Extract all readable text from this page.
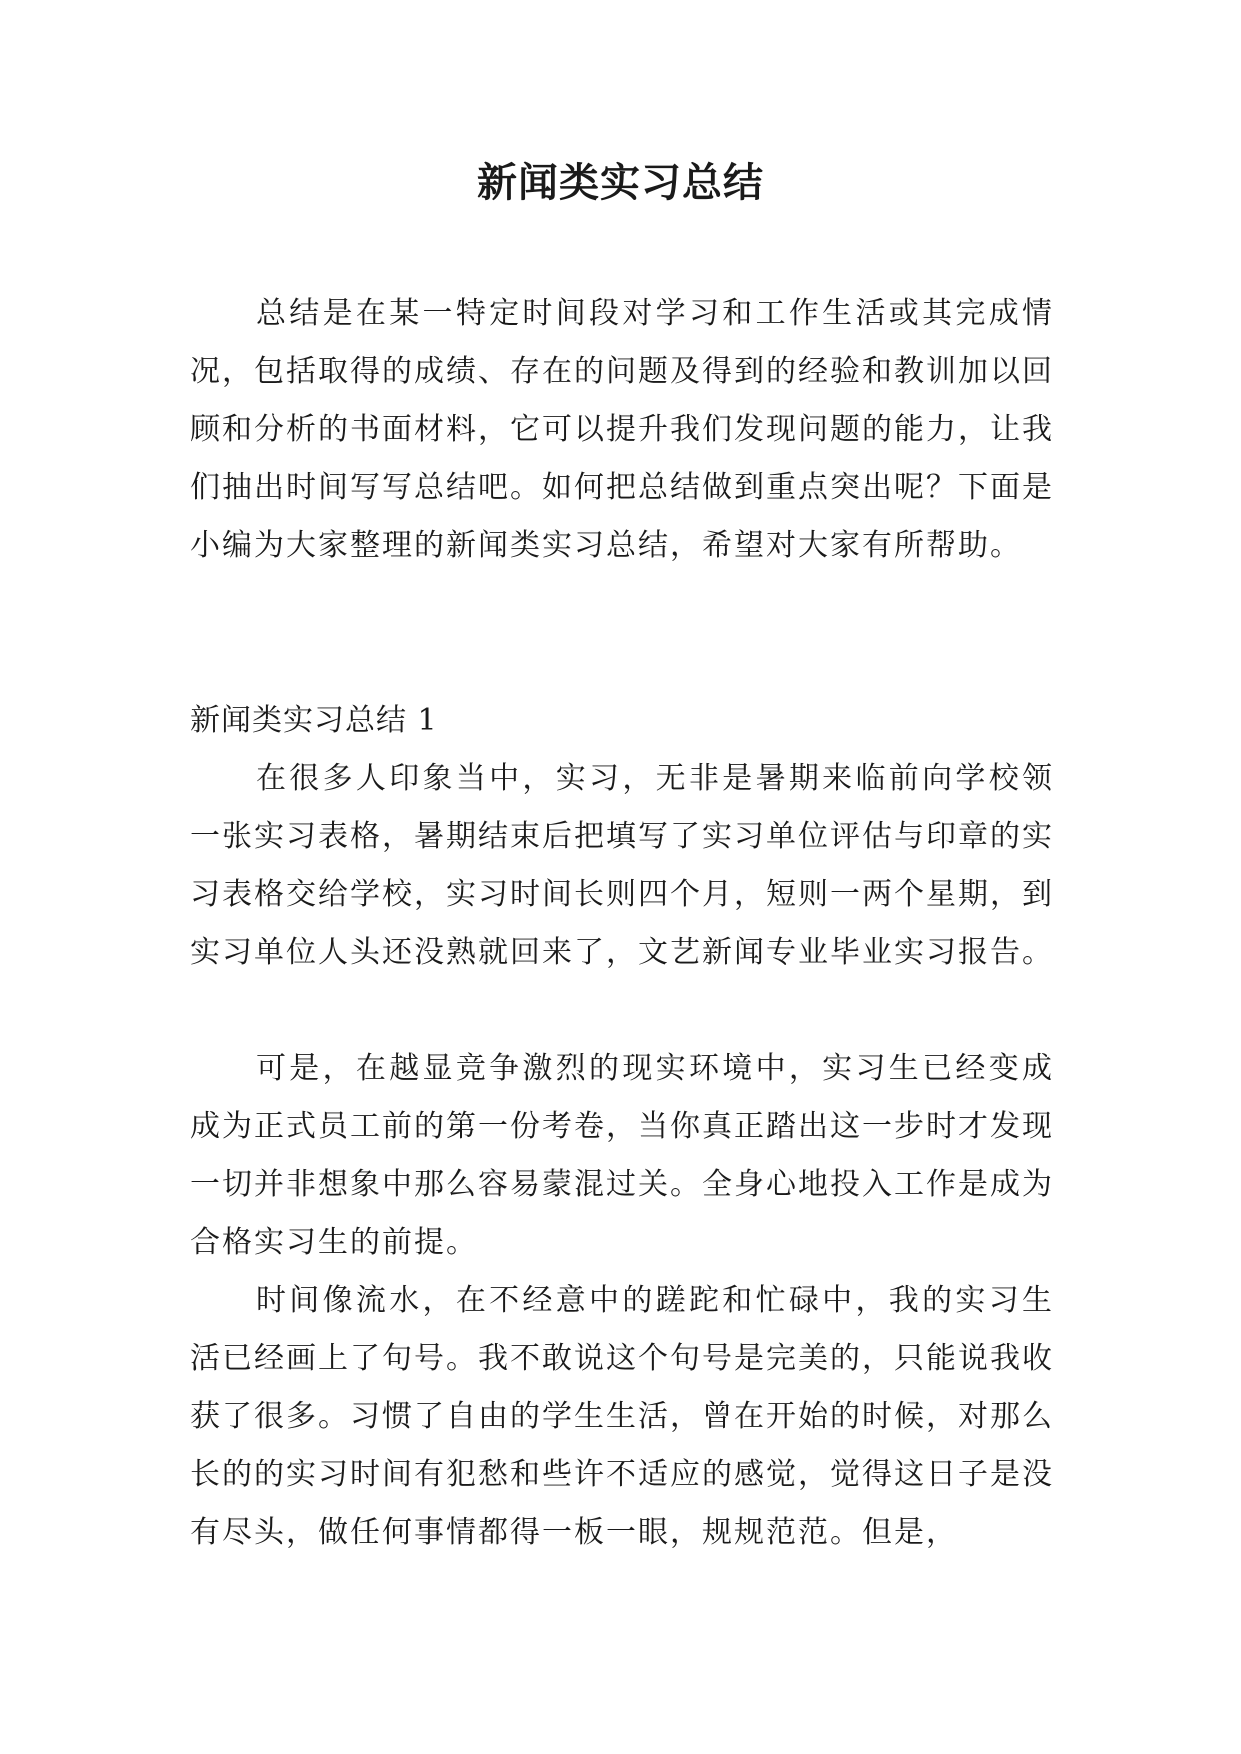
新闻类实习总结

总结是在某一特定时间段对学习和工作生活或其完成情况，包括取得的成绩、存在的问题及得到的经验和教训加以回顾和分析的书面材料，它可以提升我们发现问题的能力，让我们抽出时间写写总结吧。如何把总结做到重点突出呢？下面是小编为大家整理的新闻类实习总结，希望对大家有所帮助。

新闻类实习总结 1

在很多人印象当中，实习，无非是暑期来临前向学校领一张实习表格，暑期结束后把填写了实习单位评估与印章的实习表格交给学校，实习时间长则四个月，短则一两个星期，到实习单位人头还没熟就回来了，文艺新闻专业毕业实习报告。

可是，在越显竞争激烈的现实环境中，实习生已经变成成为正式员工前的第一份考卷，当你真正踏出这一步时才发现一切并非想象中那么容易蒙混过关。全身心地投入工作是成为合格实习生的前提。

时间像流水，在不经意中的蹉跎和忙碌中，我的实习生活已经画上了句号。我不敢说这个句号是完美的，只能说我收获了很多。习惯了自由的学生生活，曾在开始的时候，对那么长的的实习时间有犯愁和些许不适应的感觉，觉得这日子是没有尽头，做任何事情都得一板一眼，规规范范。但是，
